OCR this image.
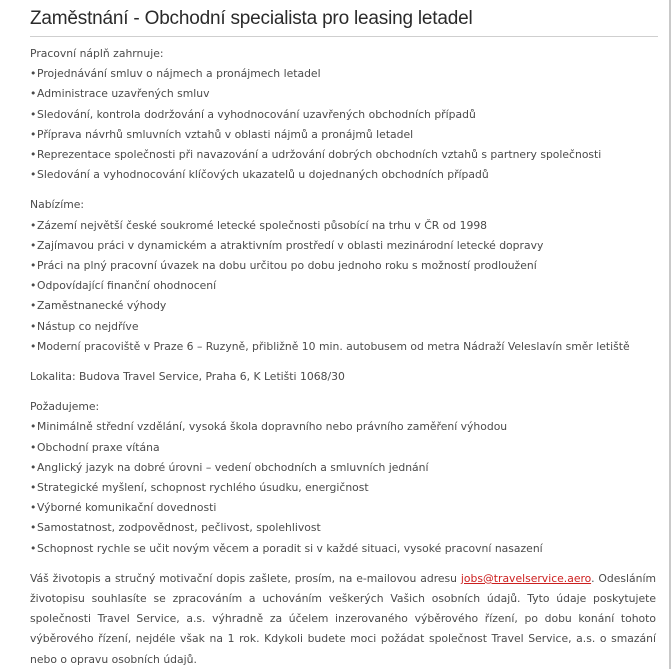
Zaměstnání - Obchodní specialista pro leasing letadel

Pracovní náplň zahrnuje:

•Projednávání smluv o nájmech a pronájmech letadel
•Administrace uzavřených smluv
•Sledování, kontrola dodržování a vyhodnocování uzavřených obchodních případů
•Příprava návrhů smluvních vztahů v oblasti nájmů a pronájmů letadel
•Reprezentace společnosti při navazování a udržování dobrých obchodních vztahů s partnery společnosti
•Sledování a vyhodnocování klíčových ukazatelů u dojednaných obchodních případů

Nabízíme:

•Zázemí největší české soukromé letecké společnosti působící na trhu v ČR od 1998
•Zajímavou práci v dynamickém a atraktivním prostředí v oblasti mezinárodní letecké dopravy
•Práci na plný pracovní úvazek na dobu určitou po dobu jednoho roku s možností prodloužení
•Odpovídající finanční ohodnocení
•Zaměstnanecké výhody
•Nástup co nejdříve
•Moderní pracoviště v Praze 6 – Ruzyně, přibližně 10 min. autobusem od metra Nádraží Veleslavín směr letiště

Lokalita: Budova Travel Service, Praha 6, K Letišti 1068/30

Požadujeme:

•Minimálně střední vzdělání, vysoká škola dopravního nebo právního zaměření výhodou
•Obchodní praxe vítána
•Anglický jazyk na dobré úrovni – vedení obchodních a smluvních jednání
•Strategické myšlení, schopnost rychlého úsudku, energičnost
•Výborné komunikační dovednosti
•Samostatnost, zodpovědnost, pečlivost, spolehlivost
•Schopnost rychle se učit novým věcem a poradit si v každé situaci, vysoké pracovní nasazení

Váš životopis a stručný motivační dopis zašlete, prosím, na e-mailovou adresu jobs@travelservice.aero. Odesláním životopisu souhlasíte se zpracováním a uchováním veškerých Vašich osobních údajů. Tyto údaje poskytujete společnosti Travel Service, a.s. výhradně za účelem inzerovaného výběrového řízení, po dobu konání tohoto výběrového řízení, nejdéle však na 1 rok. Kdykoli budete moci požádat společnost Travel Service, a.s. o smazání nebo o opravu osobních údajů.
